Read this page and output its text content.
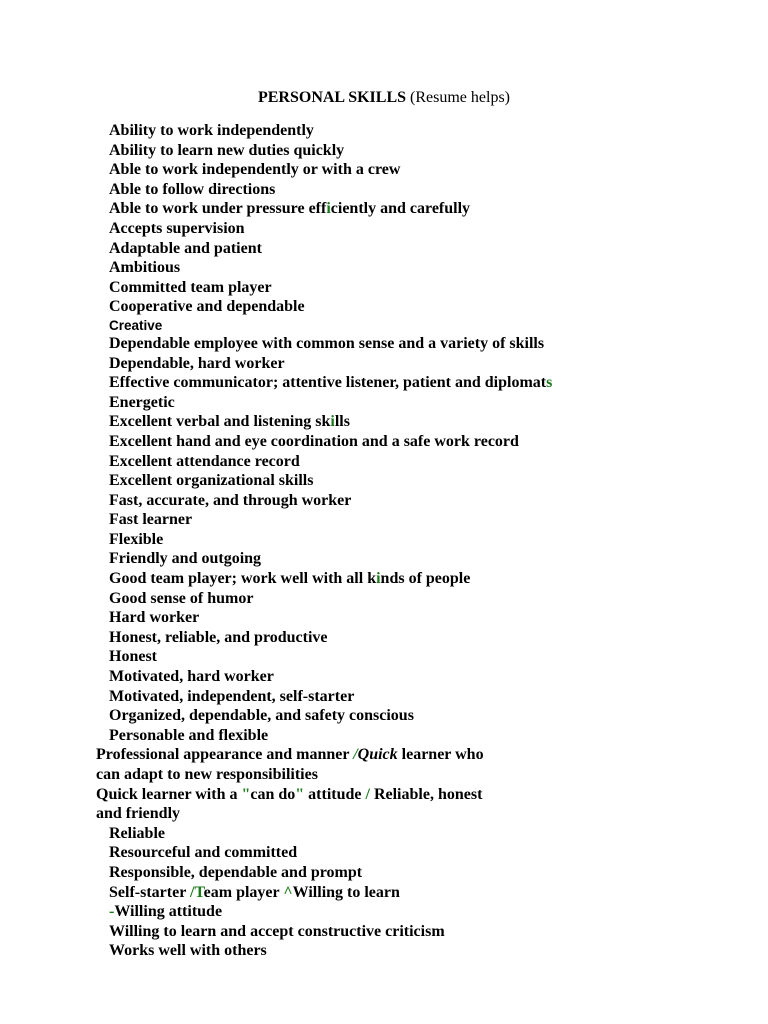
PERSONAL SKILLS (Resume helps)
Ability to work independently
Ability to learn new duties quickly
Able to work independently or with a crew
Able to follow directions
Able to work under pressure efficiently and carefully
Accepts supervision
Adaptable and patient
Ambitious
Committed team player
Cooperative and dependable
Creative
Dependable employee with common sense and a variety of skills
Dependable, hard worker
Effective communicator; attentive listener, patient and diplomats
Energetic
Excellent verbal and listening skills
Excellent hand and eye coordination and a safe work record
Excellent attendance record
Excellent organizational skills
Fast, accurate, and through worker
Fast learner
Flexible
Friendly and outgoing
Good team player; work well with all kinds of people
Good sense of humor
Hard worker
Honest, reliable, and productive
Honest
Motivated, hard worker
Motivated, independent, self-starter
Organized, dependable, and safety conscious
Personable and flexible
Professional appearance and manner /Quick learner who
can adapt to new responsibilities
Quick learner with a "can do" attitude / Reliable, honest
and friendly
Reliable
Resourceful and committed
Responsible, dependable and prompt
Self-starter /Team player ^Willing to learn
-Willing attitude
Willing to learn and accept constructive criticism
Works well with others
